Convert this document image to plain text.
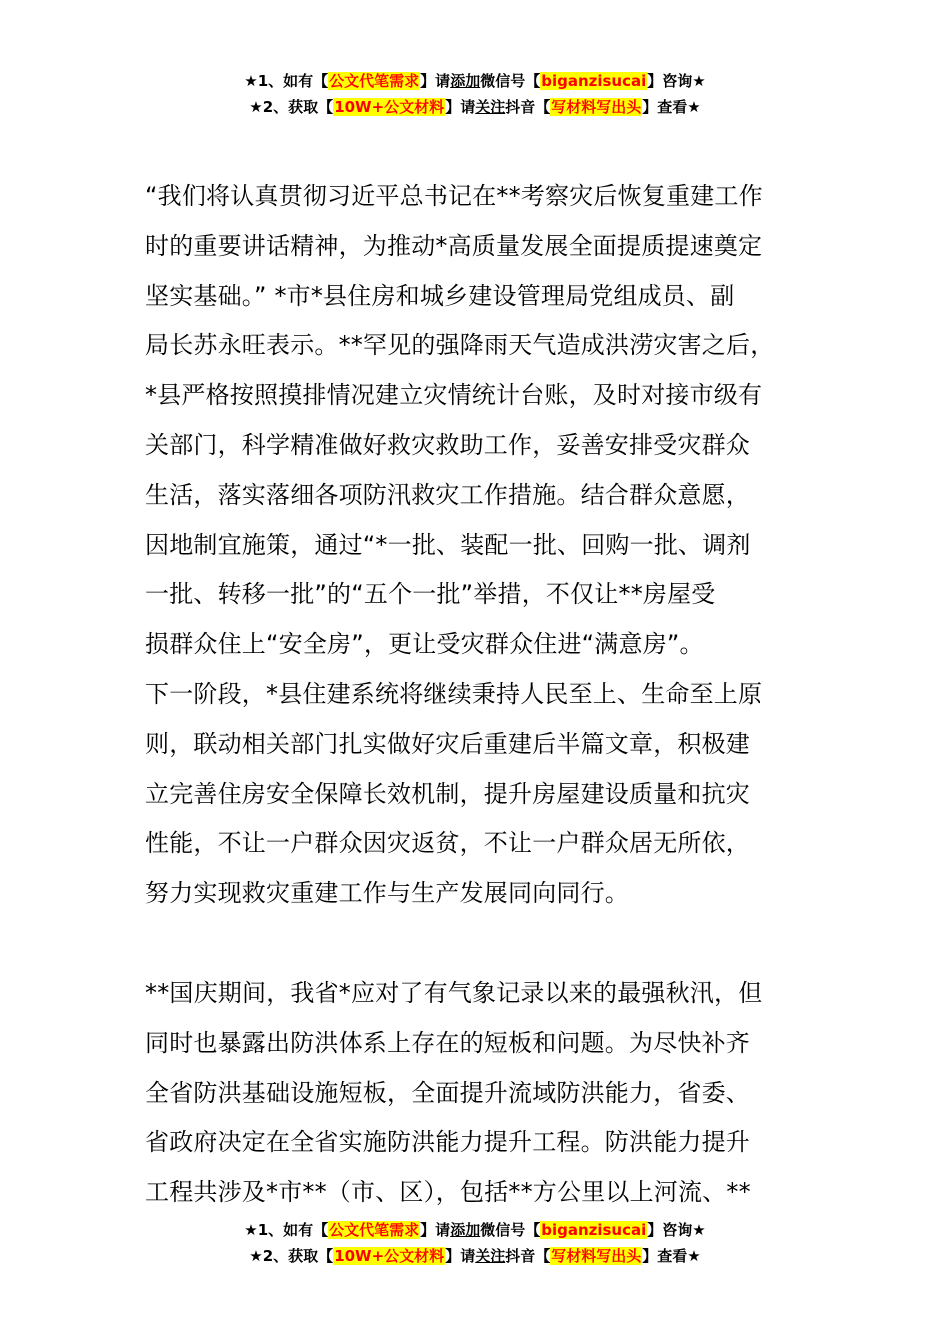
★1、如有【公文代笔需求】请添加微信号【biganzisucai】咨询★
★2、获取【10W+公文材料】请关注抖音【写材料写出头】查看★
“我们将认真贯彻习近平总书记在**考察灾后恢复重建工作
时的重要讲话精神，为推动*高质量发展全面提质提速奠定
坚实基础。” *市*县住房和城乡建设管理局党组成员、副
局长苏永旺表示。**罕见的强降雨天气造成洪涝灾害之后，
*县严格按照摸排情况建立灾情统计台账，及时对接市级有
关部门，科学精准做好救灾救助工作，妥善安排受灾群众
生活，落实落细各项防汛救灾工作措施。结合群众意愿，
因地制宜施策，通过“*一批、装配一批、回购一批、调剂
一批、转移一批”的“五个一批”举措，不仅让**房屋受
损群众住上“安全房”，更让受灾群众住进“满意房”。
下一阶段，*县住建系统将继续秉持人民至上、生命至上原
则，联动相关部门扎实做好灾后重建后半篇文章，积极建
立完善住房安全保障长效机制，提升房屋建设质量和抗灾
性能，不让一户群众因灾返贫，不让一户群众居无所依，
努力实现救灾重建工作与生产发展同向同行。
**国庆期间，我省*应对了有气象记录以来的最强秋汛，但
同时也暴露出防洪体系上存在的短板和问题。为尽快补齐
全省防洪基础设施短板，全面提升流域防洪能力，省委、
省政府决定在全省实施防洪能力提升工程。防洪能力提升
工程共涉及*市**（市、区），包括**方公里以上河流、**
★1、如有【公文代笔需求】请添加微信号【biganzisucai】咨询★
★2、获取【10W+公文材料】请关注抖音【写材料写出头】查看★
